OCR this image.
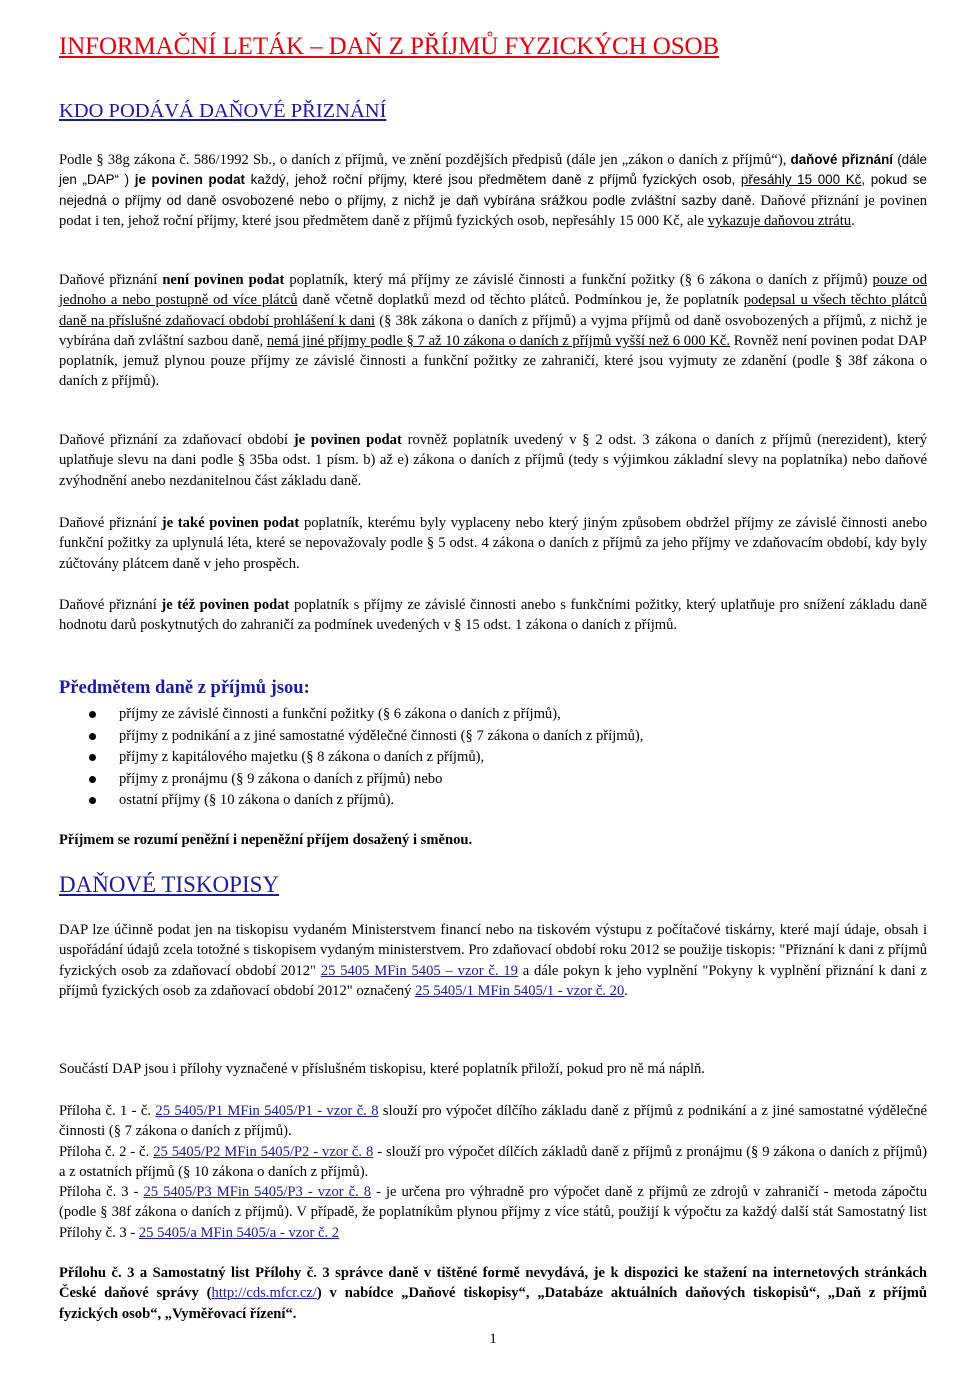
INFORMAČNÍ LETÁK – DAŇ Z PŘÍJMŮ FYZICKÝCH OSOB
KDO PODÁVÁ DAŇOVÉ PŘIZNÁNÍ
Podle § 38g zákona č. 586/1992 Sb., o daních z příjmů, ve znění pozdějších předpisů (dále jen „zákon o daních z příjmů“), daňové přiznání (dále jen „DAP“ ) je povinen podat každý, jehož roční příjmy, které jsou předmětem daně z příjmů fyzických osob, přesáhly 15 000 Kč, pokud se nejedná o příjmy od daně osvobozené nebo o příjmy, z nichž je daň vybírána srážkou podle zvláštní sazby daně. Daňové přiznání je povinen podat i ten, jehož roční příjmy, které jsou předmětem daně z příjmů fyzických osob, nepřesáhly 15 000 Kč, ale vykazuje daňovou ztrátu.
Daňové přiznání není povinen podat poplatník, který má příjmy ze závislé činnosti a funkční požitky (§ 6 zákona o daních z příjmů) pouze od jednoho a nebo postupně od více plátců daně včetně doplatků mezd od těchto plátců. Podmínkou je, že poplatník podepsal u všech těchto plátců daně na příslušné zdaňovací období prohlášení k dani (§ 38k zákona o daních z příjmů) a vyjma příjmů od daně osvobozených a příjmů, z nichž je vybírána daň zvláštní sazbou daně, nemá jiné příjmy podle § 7 až 10 zákona o daních z příjmů vyšší než 6 000 Kč. Rovněž není povinen podat DAP poplatník, jemuž plynou pouze příjmy ze závislé činnosti a funkční požitky ze zahraničí, které jsou vyjmuty ze zdanění (podle § 38f zákona o daních z příjmů).
Daňové přiznání za zdaňovací období je povinen podat rovněž poplatník uvedený v § 2 odst. 3 zákona o daních z příjmů (nerezident), který uplatňuje slevu na dani podle § 35ba odst. 1 písm. b) až e) zákona o daních z příjmů (tedy s výjimkou základní slevy na poplatníka) nebo daňové zvýhodnění anebo nezdanitelnou část základu daně.
Daňové přiznání je také povinen podat poplatník, kterému byly vyplaceny nebo který jiným způsobem obdržel příjmy ze závislé činnosti anebo funkční požitky za uplynulá léta, které se nepovažovaly podle § 5 odst. 4 zákona o daních z příjmů za jeho příjmy ve zdaňovacím období, kdy byly zúčtovány plátcem daně v jeho prospěch.
Daňové přiznání je též povinen podat poplatník s příjmy ze závislé činnosti anebo s funkčními požitky, který uplatňuje pro snížení základu daně hodnotu darů poskytnutých do zahraničí za podmínek uvedených v § 15 odst. 1 zákona o daních z příjmů.
Předmětem daně z příjmů jsou:
příjmy ze závislé činnosti a funkční požitky (§ 6 zákona o daních z příjmů),
příjmy z podnikání a z jiné samostatné výdělečné činnosti (§ 7 zákona o daních z příjmů),
příjmy z kapitálového majetku (§ 8 zákona o daních z příjmů),
příjmy z pronájmu (§ 9 zákona o daních z příjmů) nebo
ostatní příjmy (§ 10 zákona o daních z příjmů).
Příjmem se rozumí peněžní i nepeněžní příjem dosažený i směnou.
DAŇOVÉ TISKOPISY
DAP lze účinně podat jen na tiskopisu vydaném Ministerstvem financí nebo na tiskovém výstupu z počítačové tiskárny, které mají údaje, obsah i uspořádání údajů zcela totožné s tiskopisem vydaným ministerstvem. Pro zdaňovací období roku 2012 se použije tiskopis: "Přiznání k dani z příjmů fyzických osob za zdaňovací období 2012" 25 5405 MFin 5405 – vzor č. 19 a dále pokyn k jeho vyplnění "Pokyny k vyplnění přiznání k dani z příjmů fyzických osob za zdaňovací období 2012" označený 25 5405/1 MFin 5405/1 - vzor č. 20.
Součástí DAP jsou i přílohy vyznačené v příslušném tiskopisu, které poplatník přiloží, pokud pro ně má náplň.
Příloha č. 1 - č. 25 5405/P1 MFin 5405/P1 - vzor č. 8 slouží pro výpočet dílčího základu daně z příjmů z podnikání a z jiné samostatné výdělečné činnosti (§ 7 zákona o daních z příjmů).
Příloha č. 2 - č. 25 5405/P2 MFin 5405/P2 - vzor č. 8 - slouží pro výpočet dílčích základů daně z příjmů z pronájmu (§ 9 zákona o daních z příjmů) a z ostatních příjmů (§ 10 zákona o daních z příjmů).
Příloha č. 3 - 25 5405/P3 MFin 5405/P3 - vzor č. 8 - je určena pro výhradně pro výpočet daně z příjmů ze zdrojů v zahraničí - metoda zápočtu (podle § 38f zákona o daních z příjmů). V případě, že poplatníkům plynou příjmy z více států, použijí k výpočtu za každý další stát Samostatný list Přílohy č. 3 - 25 5405/a MFin 5405/a - vzor č. 2
Přílohu č. 3 a Samostatný list Přílohy č. 3 správce daně v tištěné formě nevydává, je k dispozici ke stažení na internetových stránkách České daňové správy (http://cds.mfcr.cz/) v nabídce „Daňové tiskopisy“, „Databáze aktuálních daňových tiskopisů“, „Daň z příjmů fyzických osob“, „Vyměřovací řízení“.
1
